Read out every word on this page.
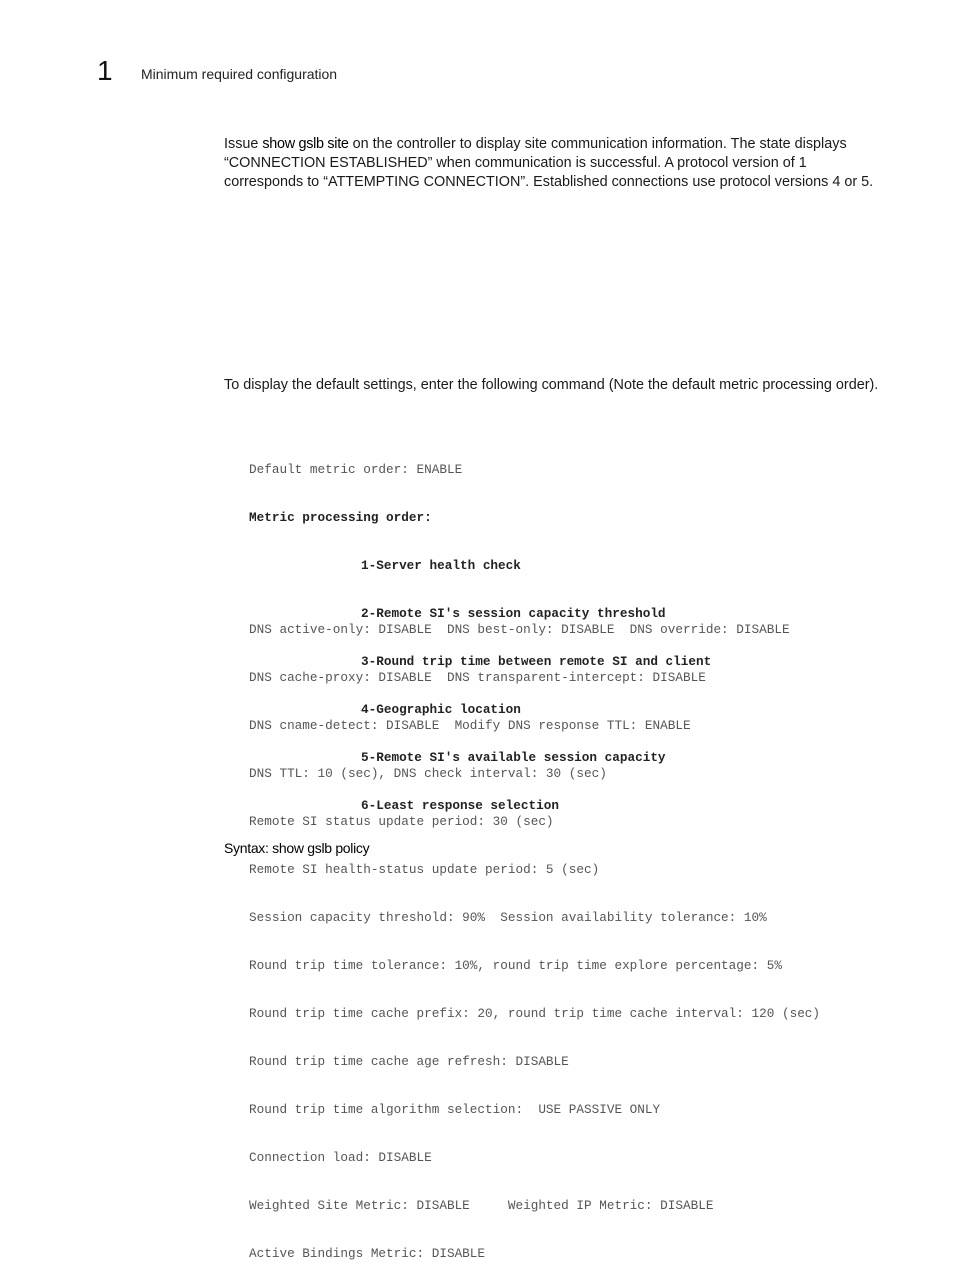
1 Minimum required configuration
Issue show gslb site on the controller to display site communication information. The state displays “CONNECTION ESTABLISHED” when communication is successful. A protocol version of 1 corresponds to “ATTEMPTING CONNECTION”. Established connections use protocol versions 4 or 5.
To display the default settings, enter the following command (Note the default metric processing order).

Default metric order: ENABLE

Metric processing order:

1-Server health check

2-Remote SI's session capacity threshold

3-Round trip time between remote SI and client

4-Geographic location

5-Remote SI's available session capacity

6-Least response selection

DNS active-only: DISABLE  DNS best-only: DISABLE  DNS override: DISABLE

DNS cache-proxy: DISABLE  DNS transparent-intercept: DISABLE

DNS cname-detect: DISABLE  Modify DNS response TTL: ENABLE

DNS TTL: 10 (sec), DNS check interval: 30 (sec)

Remote SI status update period: 30 (sec)

Remote SI health-status update period: 5 (sec)

Session capacity threshold: 90%  Session availability tolerance: 10%

Round trip time tolerance: 10%, round trip time explore percentage: 5%

Round trip time cache prefix: 20, round trip time cache interval: 120 (sec)

Round trip time cache age refresh: DISABLE

Round trip time algorithm selection:  USE PASSIVE ONLY

Connection load: DISABLE

Weighted Site Metric: DISABLE     Weighted IP Metric: DISABLE

Active Bindings Metric: DISABLE

Syntax: show gslb policy
